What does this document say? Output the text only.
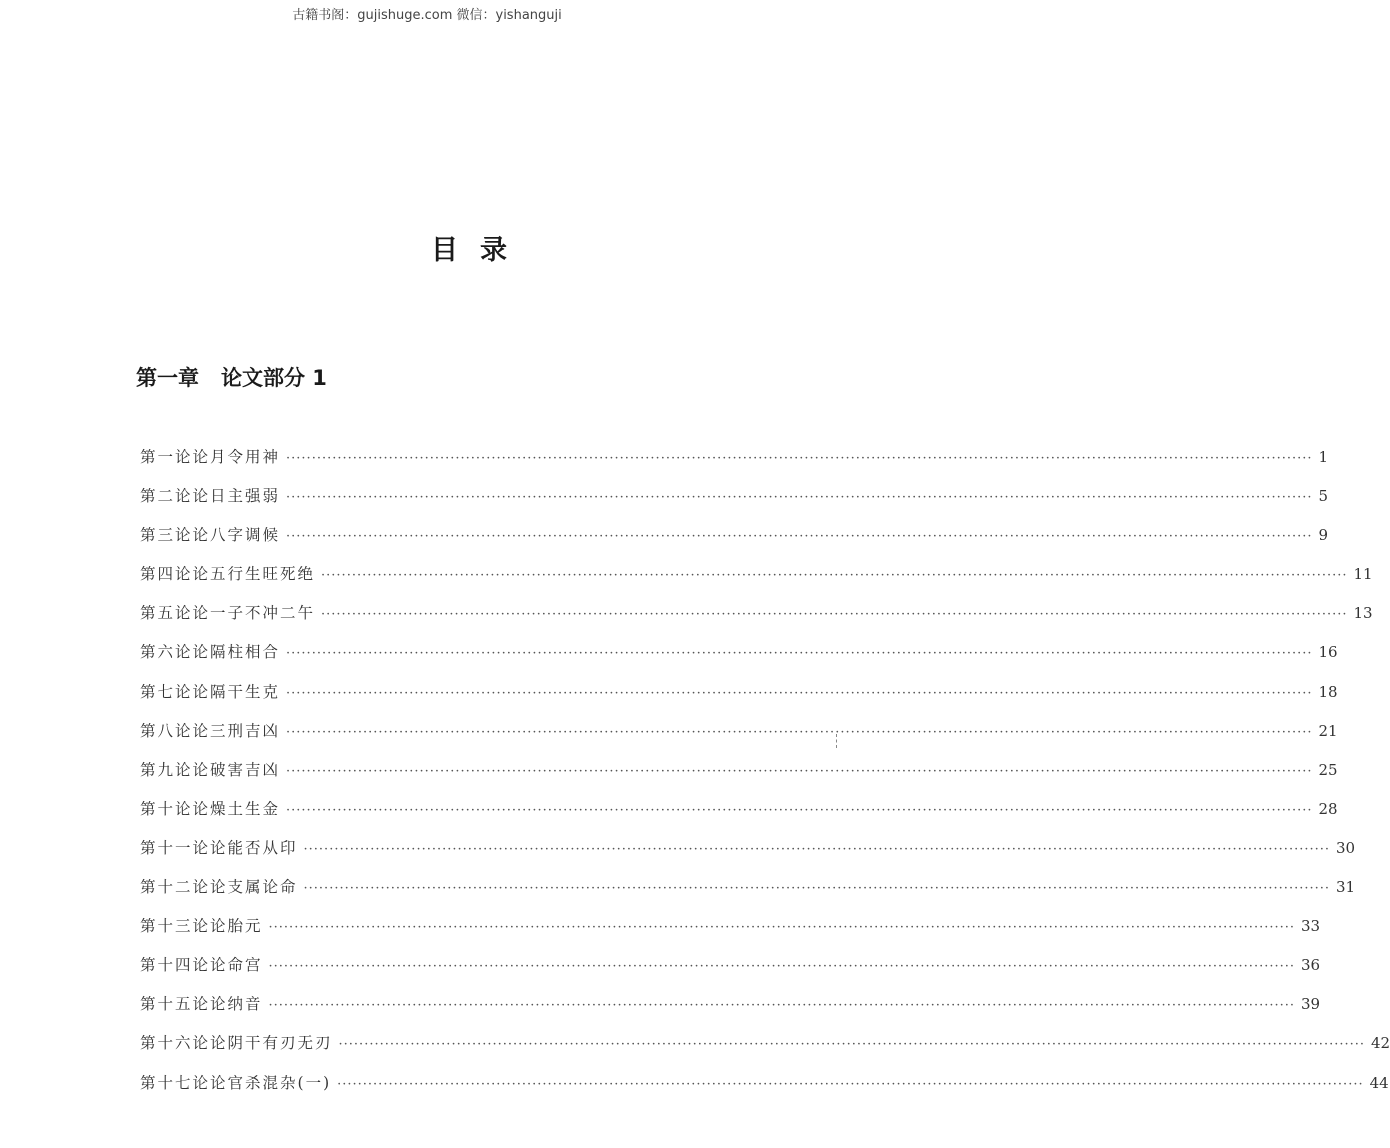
古籍书阁：gujishuge.com 微信：yishanguji
目录
第一章 论文部分 1
第一论 论月令用神 ········································································································································································································ 1
第二论 论日主强弱 ········································································································································································································ 5
第三论 论八字调候 ········································································································································································································ 9
第四论 论五行生旺死绝 ········································································································································································································ 11
第五论 论一子不冲二午 ········································································································································································································ 13
第六论 论隔柱相合 ········································································································································································································ 16
第七论 论隔干生克 ········································································································································································································ 18
第八论 论三刑吉凶 ········································································································································································································ 21
第九论 论破害吉凶 ········································································································································································································ 25
第十论 论燥土生金 ········································································································································································································ 28
第十一论 论能否从印 ········································································································································································································ 30
第十二论 论支属论命 ········································································································································································································ 31
第十三论 论胎元 ········································································································································································································ 33
第十四论 论命宫 ········································································································································································································ 36
第十五论 论纳音 ········································································································································································································ 39
第十六论 论阴干有刃无刃 ········································································································································································································ 42
第十七论 论官杀混杂(一) ········································································································································································································ 44
